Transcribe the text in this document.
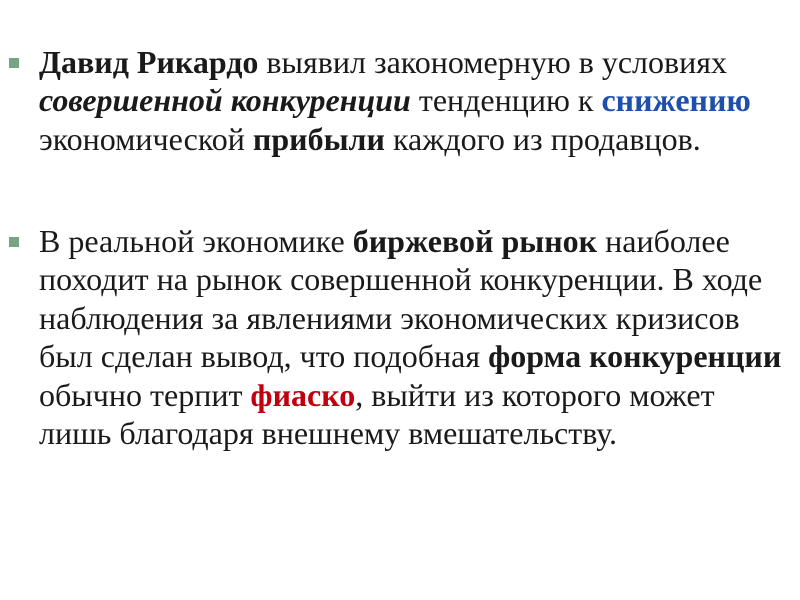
Давид Рикардо выявил закономерную в условиях совершенной конкуренции тенденцию к снижению экономической прибыли каждого из продавцов.
В реальной экономике биржевой рынок наиболее походит на рынок совершенной конкуренции. В ходе наблюдения за явлениями экономических кризисов был сделан вывод, что подобная форма конкуренции обычно терпит фиаско, выйти из которого может лишь благодаря внешнему вмешательству.
